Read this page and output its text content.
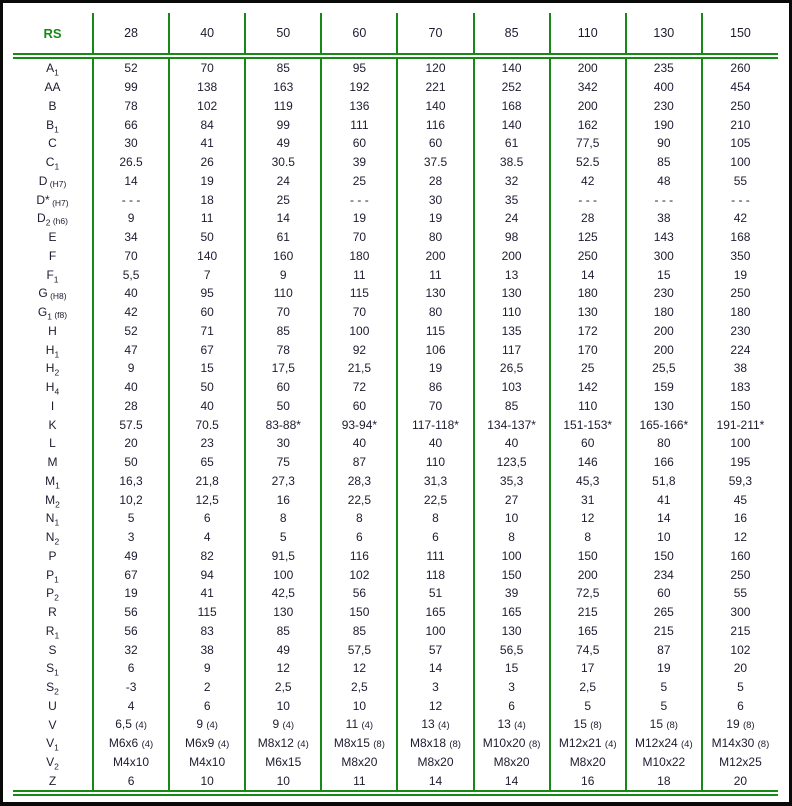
RS	28	40	50	60	70	85	110	130	150
$A_1$	52	70	85	95	120	140	200	235	260
AA	99	138	163	192	221	252	342	400	454
B	78	102	119	136	140	168	200	230	250
$B_1$	66	84	99	111	116	140	162	190	210
C	30	41	49	60	60	61	77,5	90	105
$C_1$	26.5	26	30.5	39	37.5	38.5	52.5	85	100
D (H7)	14	19	24	25	28	32	42	48	55
D* (H7)	- - -	18	25	- - -	30	35	- - -	- - -	- - -
$D_2$ (h6)	9	11	14	19	19	24	28	38	42
E	34	50	61	70	80	98	125	143	168
F	70	140	160	180	200	200	250	300	350
$F_1$	5,5	7	9	11	11	13	14	15	19
G (H8)	40	95	110	115	130	130	180	230	250
$G_1$ (f8)	42	60	70	70	80	110	130	180	180
H	52	71	85	100	115	135	172	200	230
$H_1$	47	67	78	92	106	117	170	200	224
$H_2$	9	15	17,5	21,5	19	26,5	25	25,5	38
$H_4$	40	50	60	72	86	103	142	159	183
I	28	40	50	60	70	85	110	130	150
K	57.5	70.5	83-88*	93-94*	117-118*	134-137*	151-153*	165-166*	191-211*
L	20	23	30	40	40	40	60	80	100
M	50	65	75	87	110	123,5	146	166	195
$M_1$	16,3	21,8	27,3	28,3	31,3	35,3	45,3	51,8	59,3
$M_2$	10,2	12,5	16	22,5	22,5	27	31	41	45
$N_1$	5	6	8	8	8	10	12	14	16
$N_2$	3	4	5	6	6	8	8	10	12
P	49	82	91,5	116	111	100	150	150	160
$P_1$	67	94	100	102	118	150	200	234	250
$P_2$	19	41	42,5	56	51	39	72,5	60	55
R	56	115	130	150	165	165	215	265	300
$R_1$	56	83	85	85	100	130	165	215	215
S	32	38	49	57,5	57	56,5	74,5	87	102
$S_1$	6	9	12	12	14	15	17	19	20
$S_2$	-3	2	2,5	2,5	3	3	2,5	5	5
U	4	6	10	10	12	6	5	5	6
V	6,5 (4)	9 (4)	9 (4)	11 (4)	13 (4)	13 (4)	15 (8)	15 (8)	19 (8)
$V_1$	M6x6 (4)	M6x9 (4)	M8x12 (4)	M8x15 (8)	M8x18 (8)	M10x20 (8)	M12x21 (4)	M12x24 (4)	M14x30 (8)
$V_2$	M4x10	M4x10	M6x15	M8x20	M8x20	M8x20	M8x20	M10x22	M12x25
Z	6	10	10	11	14	14	16	18	20
